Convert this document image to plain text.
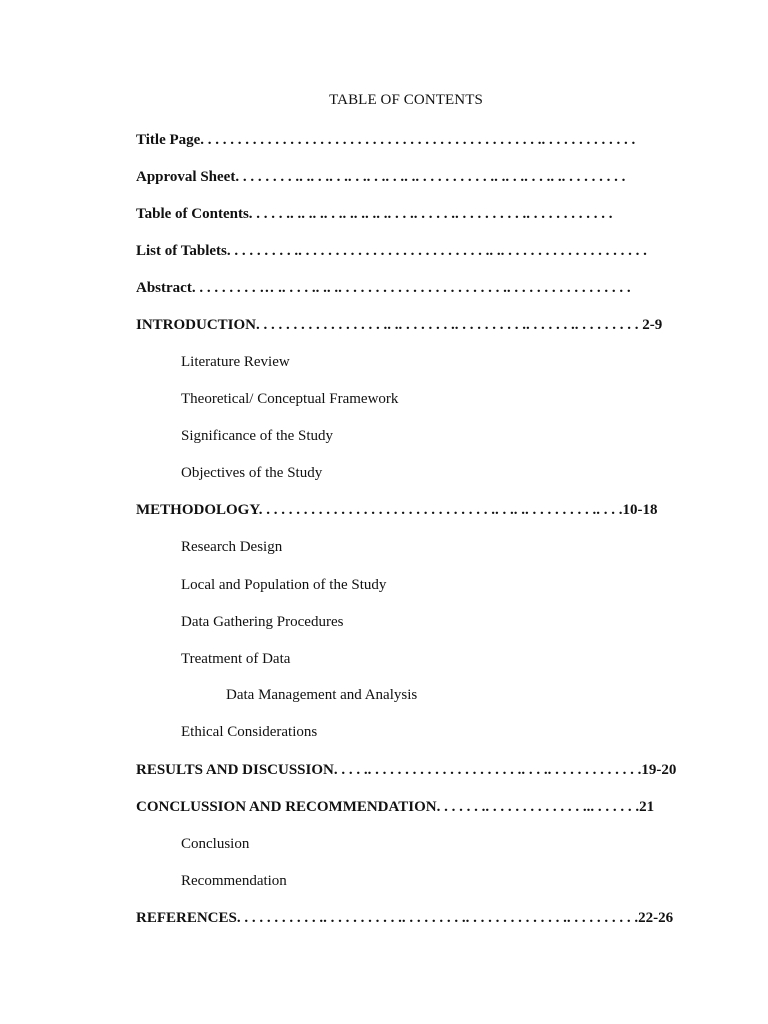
TABLE OF CONTENTS
Title Page. . . . . . . . . . . . . . . . . . . . . . . . . . . . . . . . . . . . . . . . . . . . . .. . . . . . . . . . . . .
Approval Sheet. . . . . . . . .. .. . .. . .. . .. . .. . .. .. . . . . . . . . . .. .. . .. . . .. .. . . . . . . . .
Table of Contents. . . . . .. .. .. .. . .. .. .. .. .. . . .. . . . . .. . . . . . . . . .. . . . . . . . . . . .
List of Tablets. . . . . . . . . .. . . . . . . . . . . . . . . . . . . . . . . . . .. .. . . . . . . . . . . . . . . . . . . .
Abstract. . . . . . . . . … .. . . . .. .. .. . . . . . . . . . . . . . . . . . . . . . .. . . . . . . . . . . . . . . . .
INTRODUCTION. . . . . . . . . . . . . . . . . .. .. . . . . . . .. . . . . . . . . .. . . . . . .. . . . . . . . . 2-9
Literature Review
Theoretical/ Conceptual Framework
Significance of the Study
Objectives of the Study
METHODOLOGY. . . . . . . . . . . . . . . . . . . . . . . . . . . . . . . .. . .. .. . . . . . . . . .. . . .10-18
Research Design
Local and Population of the Study
Data Gathering Procedures
Treatment of Data
Data Management and Analysis
Ethical Considerations
RESULTS AND DISCUSSION. . . . .. . . . . . . . . . . . . . . . . . . . .. . . .. . . . . . . . . . . . .19-20
CONCLUSSION AND RECOMMENDATION. . . . . . .. . . . . . . . . . . . . ... . . . . . .21
Conclusion
Recommendation
REFERENCES. . . . . . . . . . . .. . . . . . . . . . .. . . . . . . . .. . . . . . . . . . . . . .. . . . . . . . . .22-26
